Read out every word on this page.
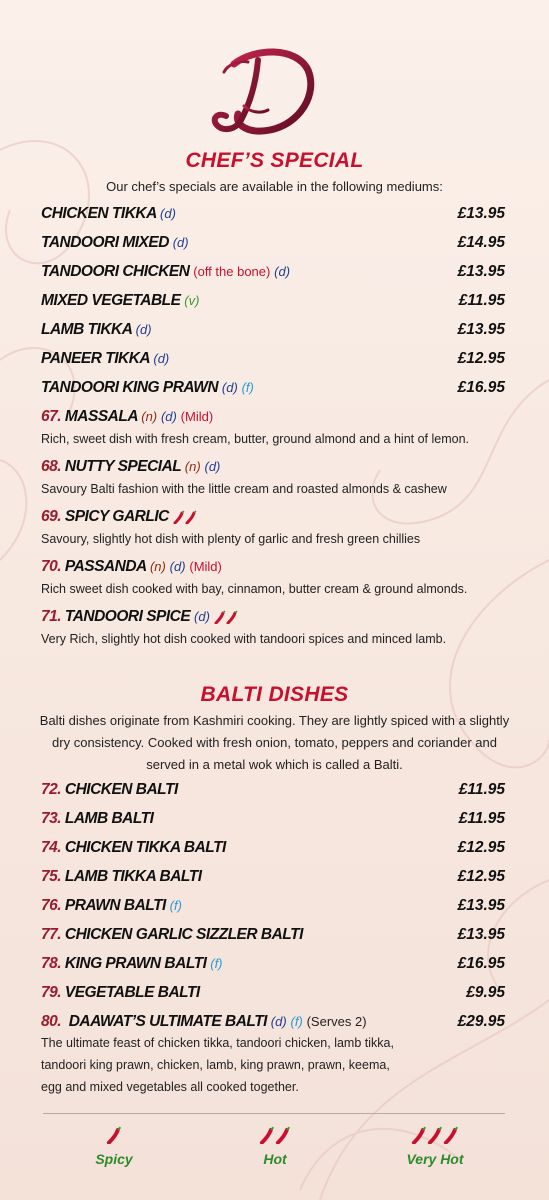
CHEF’S SPECIAL
Our chef’s specials are available in the following mediums:
CHICKEN TIKKA (d)	£13.95
TANDOORI MIXED (d)	£14.95
TANDOORI CHICKEN (off the bone) (d)	£13.95
MIXED VEGETABLE (v)	£11.95
LAMB TIKKA (d)	£13.95
PANEER TIKKA (d)	£12.95
TANDOORI KING PRAWN (d) (f)	£16.95
67. MASSALA (n) (d) (Mild)
Rich, sweet dish with fresh cream, butter, ground almond and a hint of lemon.
68. NUTTY SPECIAL (n) (d)
Savoury Balti fashion with the little cream and roasted almonds & cashew
69. SPICY GARLIC
Savoury, slightly hot dish with plenty of garlic and fresh green chillies
70. PASSANDA (n) (d) (Mild)
Rich sweet dish cooked with bay, cinnamon, butter cream & ground almonds.
71. TANDOORI SPICE (d)
Very Rich, slightly hot dish cooked with tandoori spices and minced lamb.
BALTI DISHES
Balti dishes originate from Kashmiri cooking. They are lightly spiced with a slightly
dry consistency. Cooked with fresh onion, tomato, peppers and coriander and
served in a metal wok which is called a Balti.
72. CHICKEN BALTI	£11.95
73. LAMB BALTI	£11.95
74. CHICKEN TIKKA BALTI	£12.95
75. LAMB TIKKA BALTI	£12.95
76. PRAWN BALTI (f)	£13.95
77. CHICKEN GARLIC SIZZLER BALTI	£13.95
78. KING PRAWN BALTI (f)	£16.95
79. VEGETABLE BALTI	£9.95
80. DAAWAT’S ULTIMATE BALTI (d) (f) (Serves 2)	£29.95
The ultimate feast of chicken tikka, tandoori chicken, lamb tikka,
tandoori king prawn, chicken, lamb, king prawn, prawn, keema,
egg and mixed vegetables all cooked together.
Spicy	Hot	Very Hot
